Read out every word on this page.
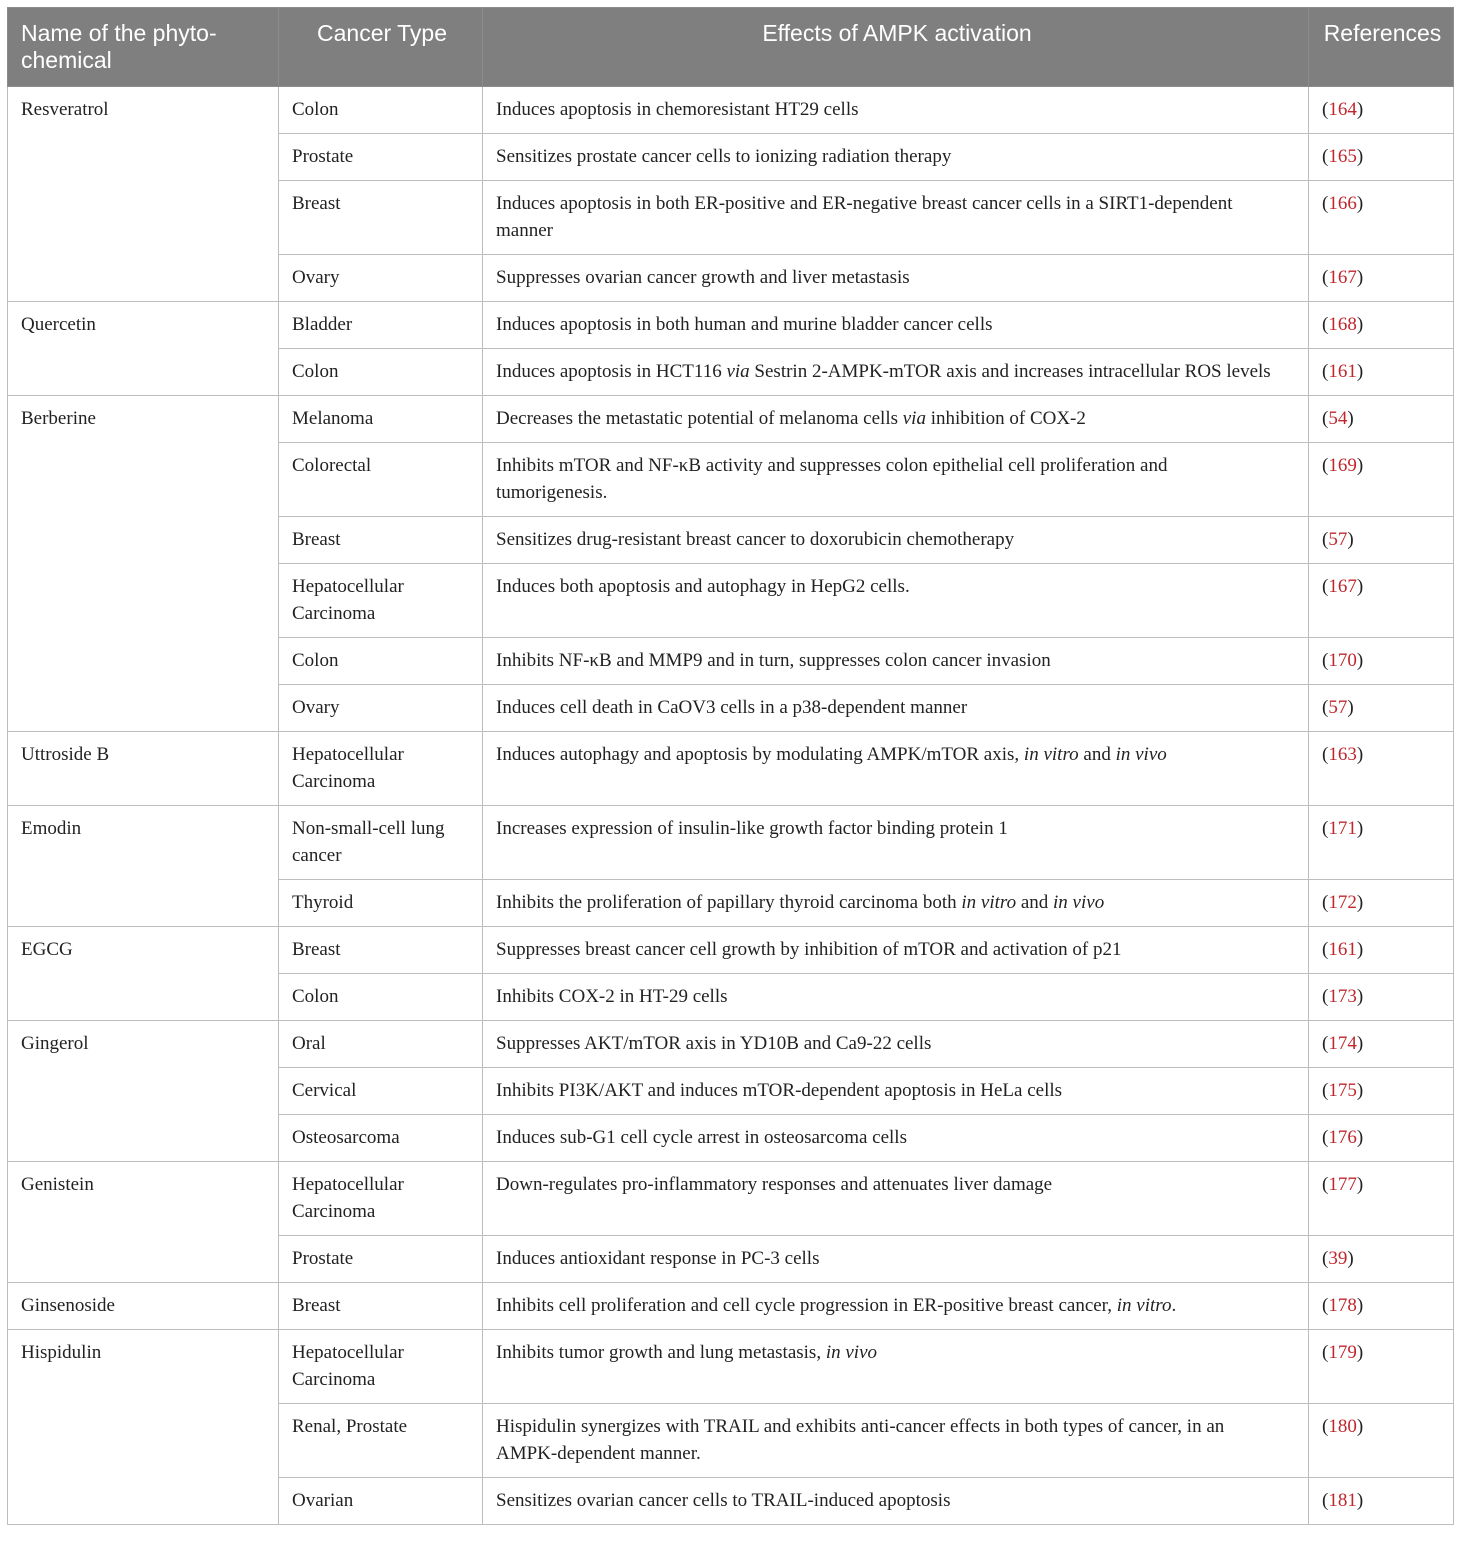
Name of the phyto-chemical	Cancer Type	Effects of AMPK activation	References
Resveratrol	Colon	Induces apoptosis in chemoresistant HT29 cells	(164)
	Prostate	Sensitizes prostate cancer cells to ionizing radiation therapy	(165)
	Breast	Induces apoptosis in both ER-positive and ER-negative breast cancer cells in a SIRT1-dependent manner	(166)
	Ovary	Suppresses ovarian cancer growth and liver metastasis	(167)
Quercetin	Bladder	Induces apoptosis in both human and murine bladder cancer cells	(168)
	Colon	Induces apoptosis in HCT116 via Sestrin 2-AMPK-mTOR axis and increases intracellular ROS levels	(161)
Berberine	Melanoma	Decreases the metastatic potential of melanoma cells via inhibition of COX-2	(54)
	Colorectal	Inhibits mTOR and NF-κB activity and suppresses colon epithelial cell proliferation and tumorigenesis.	(169)
	Breast	Sensitizes drug-resistant breast cancer to doxorubicin chemotherapy	(57)
	Hepatocellular Carcinoma	Induces both apoptosis and autophagy in HepG2 cells.	(167)
	Colon	Inhibits NF-κB and MMP9 and in turn, suppresses colon cancer invasion	(170)
	Ovary	Induces cell death in CaOV3 cells in a p38-dependent manner	(57)
Uttroside B	Hepatocellular Carcinoma	Induces autophagy and apoptosis by modulating AMPK/mTOR axis, in vitro and in vivo	(163)
Emodin	Non-small-cell lung cancer	Increases expression of insulin-like growth factor binding protein 1	(171)
	Thyroid	Inhibits the proliferation of papillary thyroid carcinoma both in vitro and in vivo	(172)
EGCG	Breast	Suppresses breast cancer cell growth by inhibition of mTOR and activation of p21	(161)
	Colon	Inhibits COX-2 in HT-29 cells	(173)
Gingerol	Oral	Suppresses AKT/mTOR axis in YD10B and Ca9-22 cells	(174)
	Cervical	Inhibits PI3K/AKT and induces mTOR-dependent apoptosis in HeLa cells	(175)
	Osteosarcoma	Induces sub-G1 cell cycle arrest in osteosarcoma cells	(176)
Genistein	Hepatocellular Carcinoma	Down-regulates pro-inflammatory responses and attenuates liver damage	(177)
	Prostate	Induces antioxidant response in PC-3 cells	(39)
Ginsenoside	Breast	Inhibits cell proliferation and cell cycle progression in ER-positive breast cancer, in vitro.	(178)
Hispidulin	Hepatocellular Carcinoma	Inhibits tumor growth and lung metastasis, in vivo	(179)
	Renal, Prostate	Hispidulin synergizes with TRAIL and exhibits anti-cancer effects in both types of cancer, in an AMPK-dependent manner.	(180)
	Ovarian	Sensitizes ovarian cancer cells to TRAIL-induced apoptosis	(181)
